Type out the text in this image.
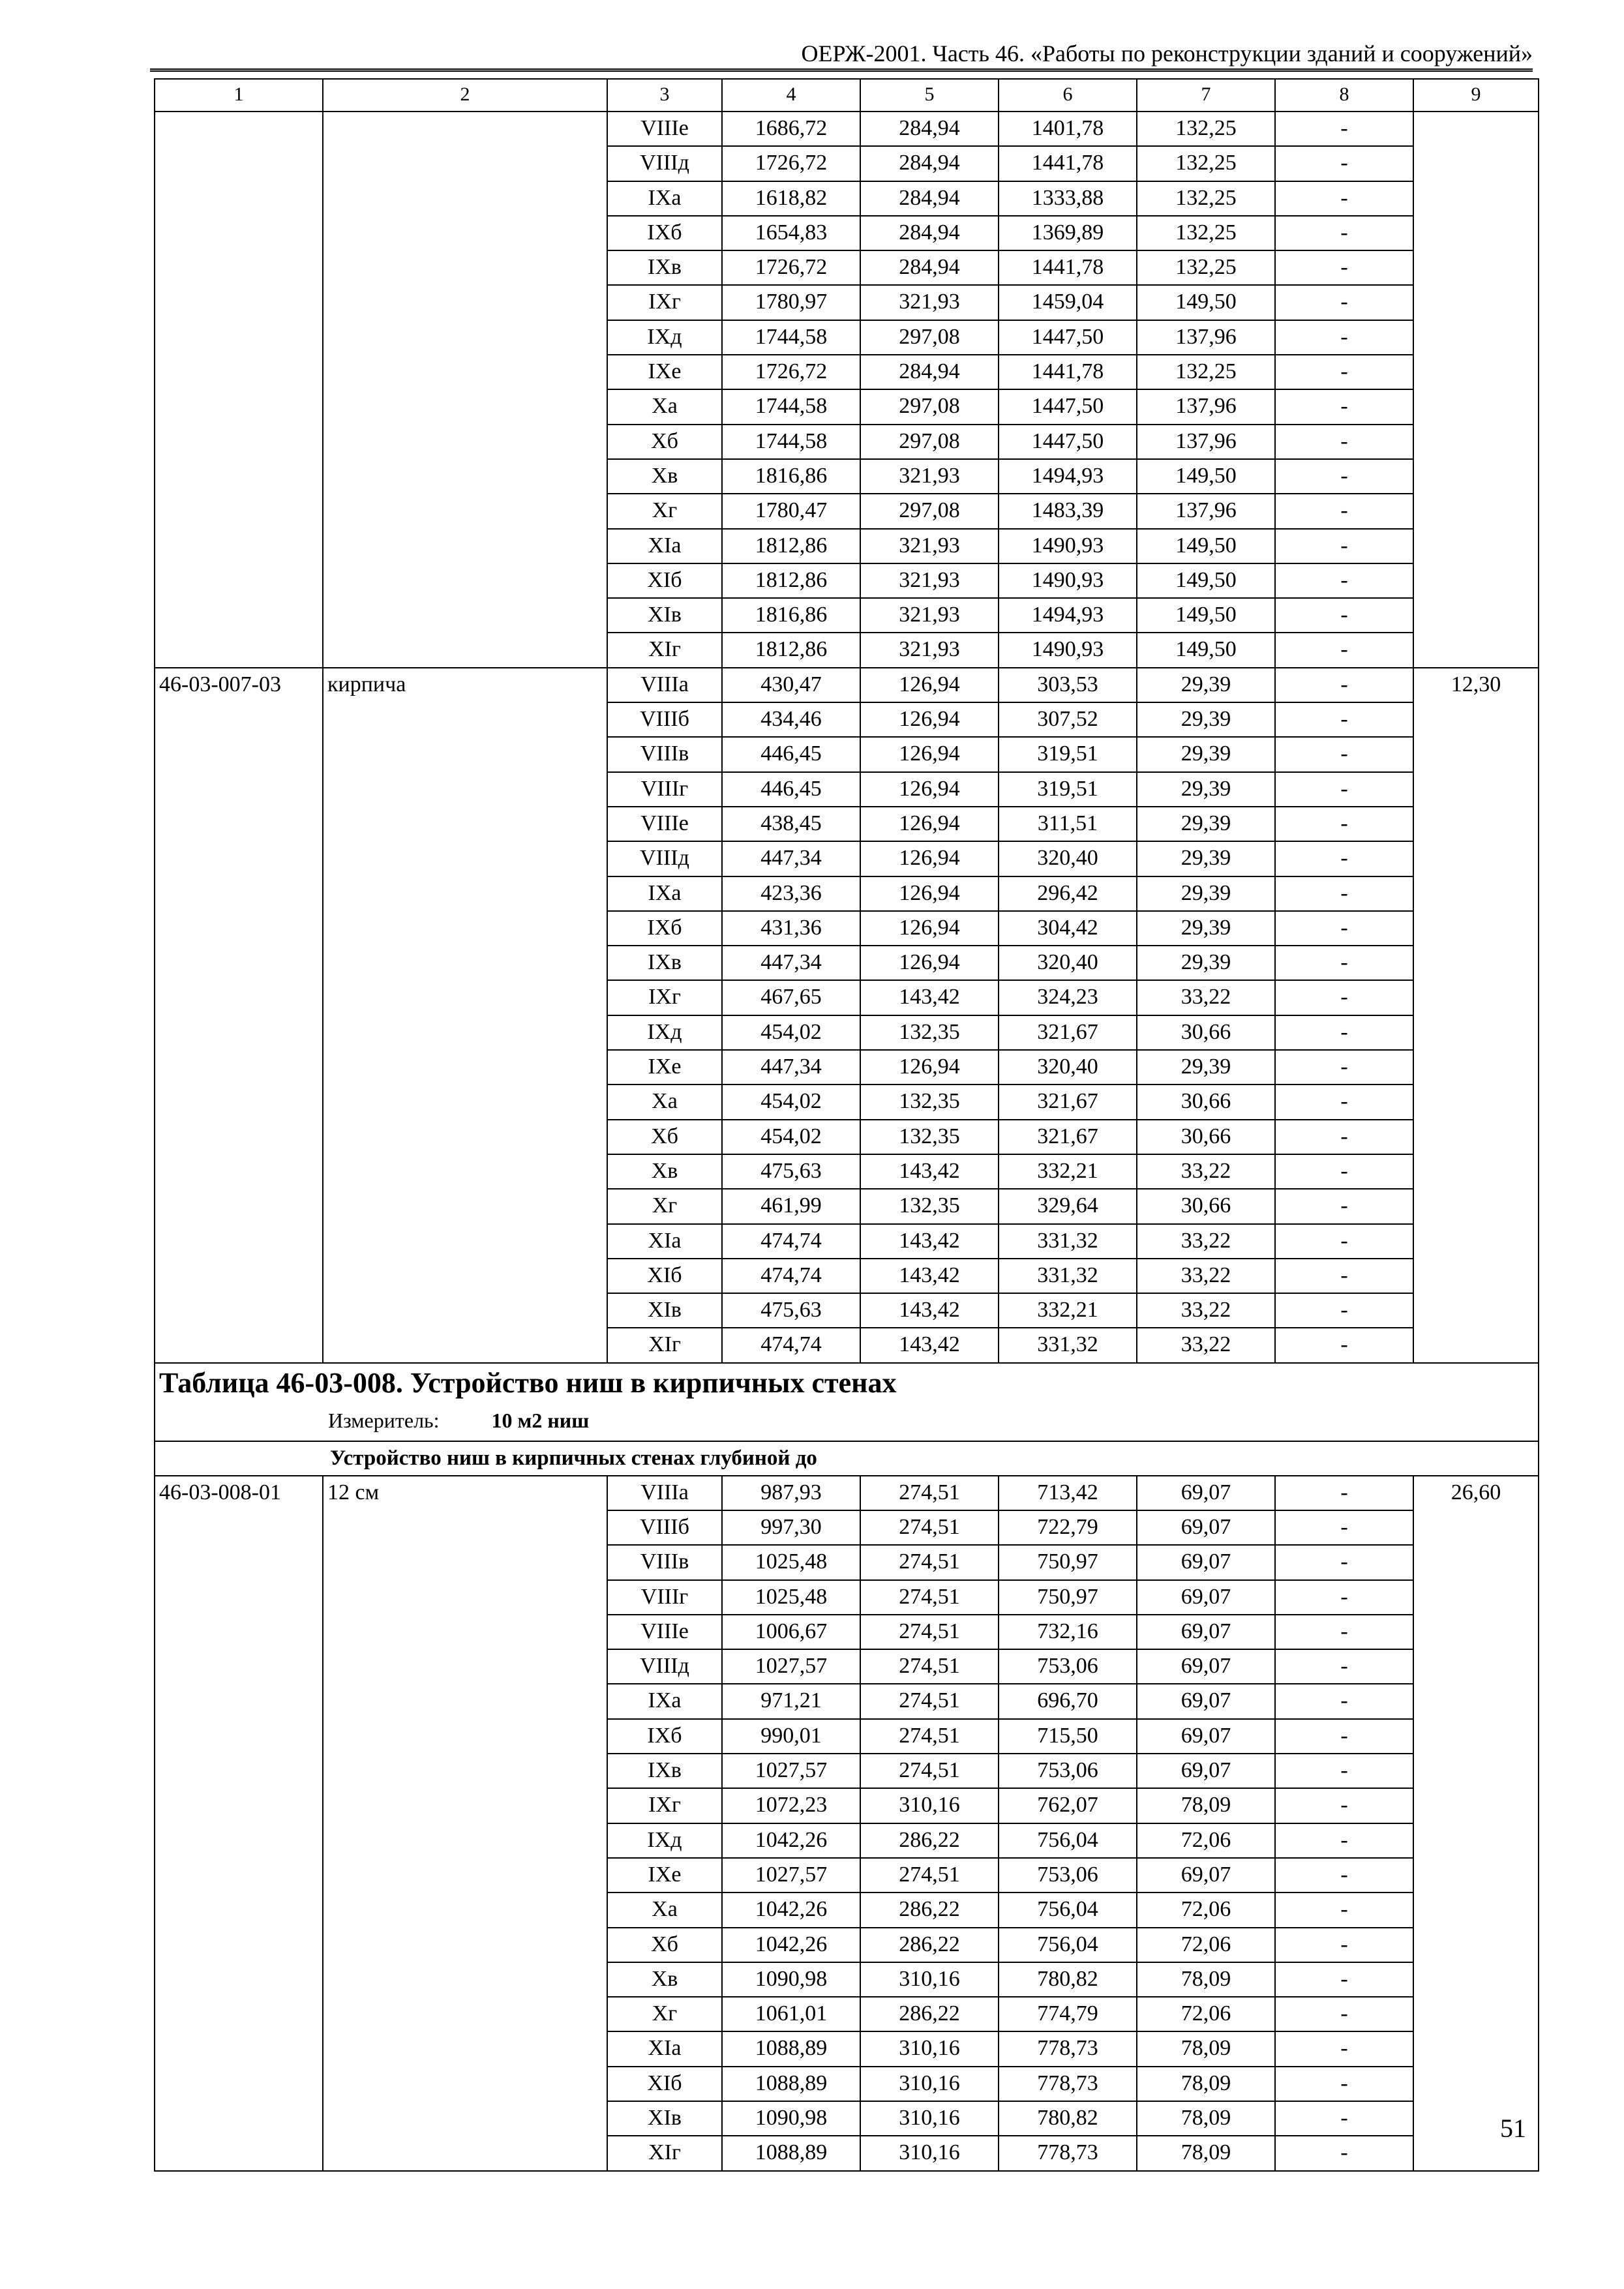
ОЕРЖ-2001. Часть 46. «Работы по реконструкции зданий и сооружений»
1	2	3	4	5	6	7	8	9
		VIIIе	1686,72	284,94	1401,78	132,25	-	
		VIIIд	1726,72	284,94	1441,78	132,25	-	
		IXа	1618,82	284,94	1333,88	132,25	-	
		IXб	1654,83	284,94	1369,89	132,25	-	
		IXв	1726,72	284,94	1441,78	132,25	-	
		IXг	1780,97	321,93	1459,04	149,50	-	
		IXд	1744,58	297,08	1447,50	137,96	-	
		IXе	1726,72	284,94	1441,78	132,25	-	
		Xа	1744,58	297,08	1447,50	137,96	-	
		Xб	1744,58	297,08	1447,50	137,96	-	
		Xв	1816,86	321,93	1494,93	149,50	-	
		Xг	1780,47	297,08	1483,39	137,96	-	
		XIа	1812,86	321,93	1490,93	149,50	-	
		XIб	1812,86	321,93	1490,93	149,50	-	
		XIв	1816,86	321,93	1494,93	149,50	-	
		XIг	1812,86	321,93	1490,93	149,50	-	
46-03-007-03	кирпича	VIIIа	430,47	126,94	303,53	29,39	-	12,30
		VIIIб	434,46	126,94	307,52	29,39	-	
		VIIIв	446,45	126,94	319,51	29,39	-	
		VIIIг	446,45	126,94	319,51	29,39	-	
		VIIIе	438,45	126,94	311,51	29,39	-	
		VIIIд	447,34	126,94	320,40	29,39	-	
		IXа	423,36	126,94	296,42	29,39	-	
		IXб	431,36	126,94	304,42	29,39	-	
		IXв	447,34	126,94	320,40	29,39	-	
		IXг	467,65	143,42	324,23	33,22	-	
		IXд	454,02	132,35	321,67	30,66	-	
		IXе	447,34	126,94	320,40	29,39	-	
		Xа	454,02	132,35	321,67	30,66	-	
		Xб	454,02	132,35	321,67	30,66	-	
		Xв	475,63	143,42	332,21	33,22	-	
		Xг	461,99	132,35	329,64	30,66	-	
		XIа	474,74	143,42	331,32	33,22	-	
		XIб	474,74	143,42	331,32	33,22	-	
		XIв	475,63	143,42	332,21	33,22	-	
		XIг	474,74	143,42	331,32	33,22	-	

Таблица 46-03-008. Устройство ниш в кирпичных стенах
Измеритель: 10 м2 ниш								

Устройство ниш в кирпичных стенах глубиной до								
46-03-008-01	12 см	VIIIа	987,93	274,51	713,42	69,07	-	26,60
		VIIIб	997,30	274,51	722,79	69,07	-	
		VIIIв	1025,48	274,51	750,97	69,07	-	
		VIIIг	1025,48	274,51	750,97	69,07	-	
		VIIIе	1006,67	274,51	732,16	69,07	-	
		VIIIд	1027,57	274,51	753,06	69,07	-	
		IXа	971,21	274,51	696,70	69,07	-	
		IXб	990,01	274,51	715,50	69,07	-	
		IXв	1027,57	274,51	753,06	69,07	-	
		IXг	1072,23	310,16	762,07	78,09	-	
		IXд	1042,26	286,22	756,04	72,06	-	
		IXе	1027,57	274,51	753,06	69,07	-	
		Xа	1042,26	286,22	756,04	72,06	-	
		Xб	1042,26	286,22	756,04	72,06	-	
		Xв	1090,98	310,16	780,82	78,09	-	
		Xг	1061,01	286,22	774,79	72,06	-	
		XIа	1088,89	310,16	778,73	78,09	-	
		XIб	1088,89	310,16	778,73	78,09	-	
		XIв	1090,98	310,16	780,82	78,09	-	
		XIг	1088,89	310,16	778,73	78,09	-	
51
